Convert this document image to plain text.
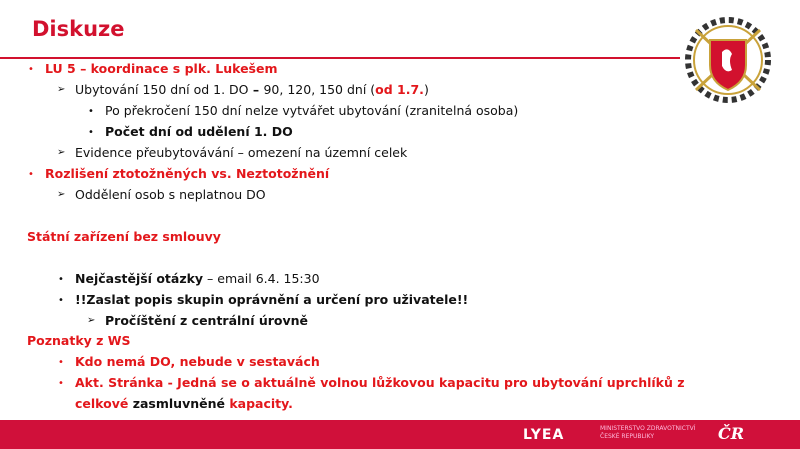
Diskuze
• LU 5 – koordinace s plk. Lukešem
➢ Ubytování 150 dní od 1. DO – 90, 120, 150 dní (od 1.7.)
• Po překročení 150 dní nelze vytvářet ubytování (zranitelná osoba)
• Počet dní od udělení 1. DO
➢ Evidence přeubytovávání – omezení na územní celek
• Rozlišení ztotožněných vs. Neztotožnění
➢ Oddělení osob s neplatnou DO
Státní zařízení bez smlouvy
• Nejčastější otázky – email 6.4. 15:30
• !!Zaslat popis skupin oprávnění a určení pro uživatele!!
➢ Pročíštění z centrální úrovně
Poznatky z WS
• Kdo nemá DO, nebude v sestavách
• Akt. Stránka - Jedná se o aktuálně volnou lůžkovou kapacitu pro ubytování uprchlíků z
celkové zasmluvněné kapacity.
LYEA	MINISTERSTVO ZDRAVOTNICTVÍ ČESKÉ REPUBLIKY	ČR
